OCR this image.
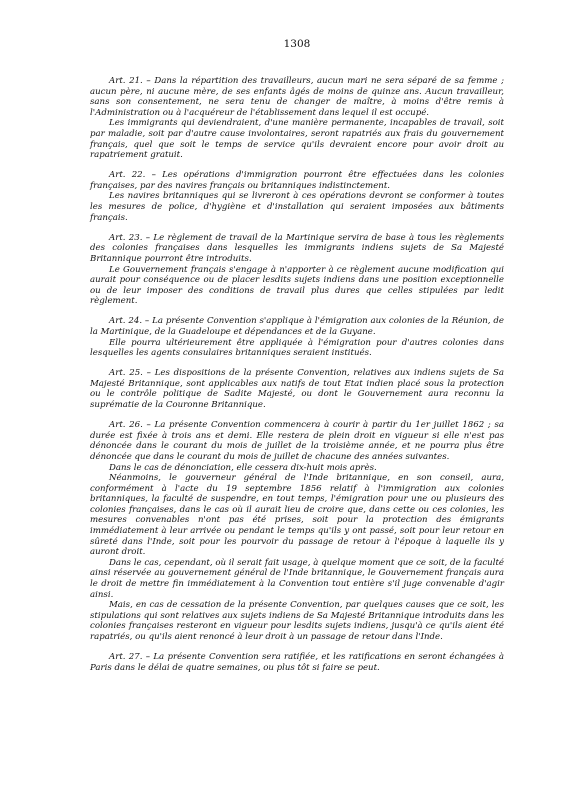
1308

Art. 21. – Dans la répartition des travailleurs, aucun mari ne sera séparé de sa femme ; aucun père, ni aucune mère, de ses enfants âgés de moins de quinze ans. Aucun travailleur, sans son consentement, ne sera tenu de changer de maître, à moins d'être remis à l'Administration ou à l'acquéreur de l'établissement dans lequel il est occupé.

Les immigrants qui deviendraient, d'une manière permanente, incapables de travail, soit par maladie, soit par d'autre cause involontaires, seront rapatriés aux frais du gouvernement français, quel que soit le temps de service qu'ils devraient encore pour avoir droit au rapatriement gratuit.

Art. 22. – Les opérations d'immigration pourront être effectuées dans les colonies françaises, par des navires français ou britanniques indistinctement.

Les navires britanniques qui se livreront à ces opérations devront se conformer à toutes les mesures de police, d'hygiène et d'installation qui seraient imposées aux bâtiments français.

Art. 23. – Le règlement de travail de la Martinique servira de base à tous les règlements des colonies françaises dans lesquelles les immigrants indiens sujets de Sa Majesté Britannique pourront être introduits.

Le Gouvernement français s'engage à n'apporter à ce règlement aucune modification qui aurait pour conséquence ou de placer lesdits sujets indiens dans une position exceptionnelle ou de leur imposer des conditions de travail plus dures que celles stipulées par ledit règlement.

Art. 24. – La présente Convention s'applique à l'émigration aux colonies de la Réunion, de la Martinique, de la Guadeloupe et dépendances et de la Guyane.

Elle pourra ultérieurement être appliquée à l'émigration pour d'autres colonies dans lesquelles les agents consulaires britanniques seraient institués.

Art. 25. – Les dispositions de la présente Convention, relatives aux indiens sujets de Sa Majesté Britannique, sont applicables aux natifs de tout Etat indien placé sous la protection ou le contrôle politique de Sadite Majesté, ou dont le Gouvernement aura reconnu la suprématie de la Couronne Britannique.

Art. 26. – La présente Convention commencera à courir à partir du 1er juillet 1862 ; sa durée est fixée à trois ans et demi. Elle restera de plein droit en vigueur si elle n'est pas dénoncée dans le courant du mois de juillet de la troisième année, et ne pourra plus être dénoncée que dans le courant du mois de juillet de chacune des années suivantes.

Dans le cas de dénonciation, elle cessera dix-huit mois après.

Néanmoins, le gouverneur général de l'Inde britannique, en son conseil, aura, conformément à l'acte du 19 septembre 1856 relatif à l'immigration aux colonies britanniques, la faculté de suspendre, en tout temps, l'émigration pour une ou plusieurs des colonies françaises, dans le cas où il aurait lieu de croire que, dans cette ou ces colonies, les mesures convenables n'ont pas été prises, soit pour la protection des émigrants immédiatement à leur arrivée ou pendant le temps qu'ils y ont passé, soit pour leur retour en sûreté dans l'Inde, soit pour les pourvoir du passage de retour à l'époque à laquelle ils y auront droit.

Dans le cas, cependant, où il serait fait usage, à quelque moment que ce soit, de la faculté ainsi réservée au gouvernement général de l'Inde britannique, le Gouvernement français aura le droit de mettre fin immédiatement à la Convention tout entière s'il juge convenable d'agir ainsi.

Mais, en cas de cessation de la présente Convention, par quelques causes que ce soit, les stipulations qui sont relatives aux sujets indiens de Sa Majesté Britannique introduits dans les colonies françaises resteront en vigueur pour lesdits sujets indiens, jusqu'à ce qu'ils aient été rapatriés, ou qu'ils aient renoncé à leur droit à un passage de retour dans l'Inde.

Art. 27. – La présente Convention sera ratifiée, et les ratifications en seront échangées à Paris dans le délai de quatre semaines, ou plus tôt si faire se peut.
